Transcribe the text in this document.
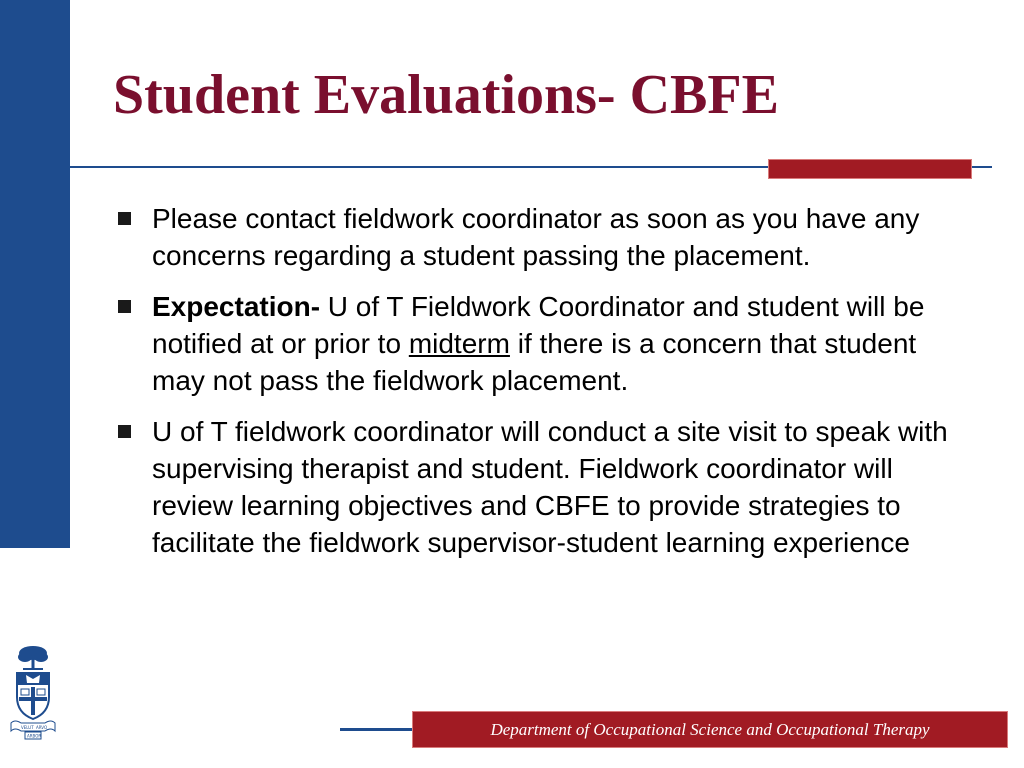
Student Evaluations- CBFE
Please contact fieldwork coordinator as soon as you have any concerns regarding a student passing the placement.
Expectation- U of T Fieldwork Coordinator and student will be notified at or prior to midterm if there is a concern that student may not pass the fieldwork placement.
U of T fieldwork coordinator will conduct a site visit to speak with supervising therapist and student. Fieldwork coordinator will review learning objectives and CBFE to provide strategies to facilitate the fieldwork supervisor-student learning experience
VELUT ARVO
ARBOR	Department of Occupational Science and Occupational Therapy
